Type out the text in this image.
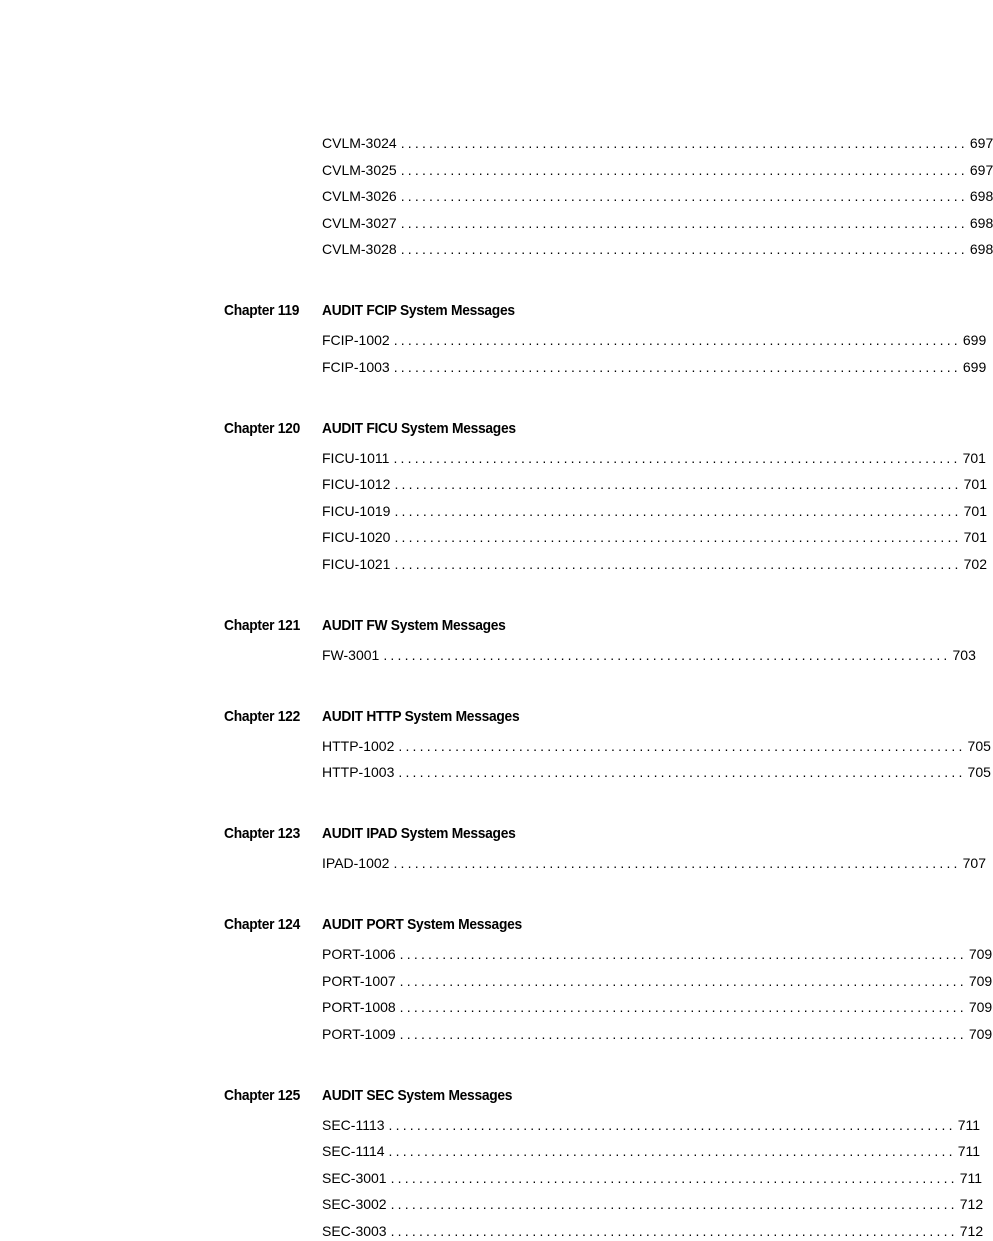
CVLM-3024 ................................................................................ 697
CVLM-3025 ................................................................................ 697
CVLM-3026 ................................................................................ 698
CVLM-3027 ................................................................................ 698
CVLM-3028 ................................................................................ 698
Chapter 119 AUDIT FCIP System Messages
FCIP-1002 ................................................................................ 699
FCIP-1003 ................................................................................ 699
Chapter 120 AUDIT FICU System Messages
FICU-1011 ................................................................................ 701
FICU-1012 ................................................................................ 701
FICU-1019 ................................................................................ 701
FICU-1020 ................................................................................ 701
FICU-1021 ................................................................................ 702
Chapter 121 AUDIT FW System Messages
FW-3001 ................................................................................ 703
Chapter 122 AUDIT HTTP System Messages
HTTP-1002 ................................................................................ 705
HTTP-1003 ................................................................................ 705
Chapter 123 AUDIT IPAD System Messages
IPAD-1002 ................................................................................ 707
Chapter 124 AUDIT PORT System Messages
PORT-1006 ................................................................................ 709
PORT-1007 ................................................................................ 709
PORT-1008 ................................................................................ 709
PORT-1009 ................................................................................ 709
Chapter 125 AUDIT SEC System Messages
SEC-1113 ................................................................................ 711
SEC-1114 ................................................................................ 711
SEC-3001 ................................................................................ 711
SEC-3002 ................................................................................ 712
SEC-3003 ................................................................................ 712
